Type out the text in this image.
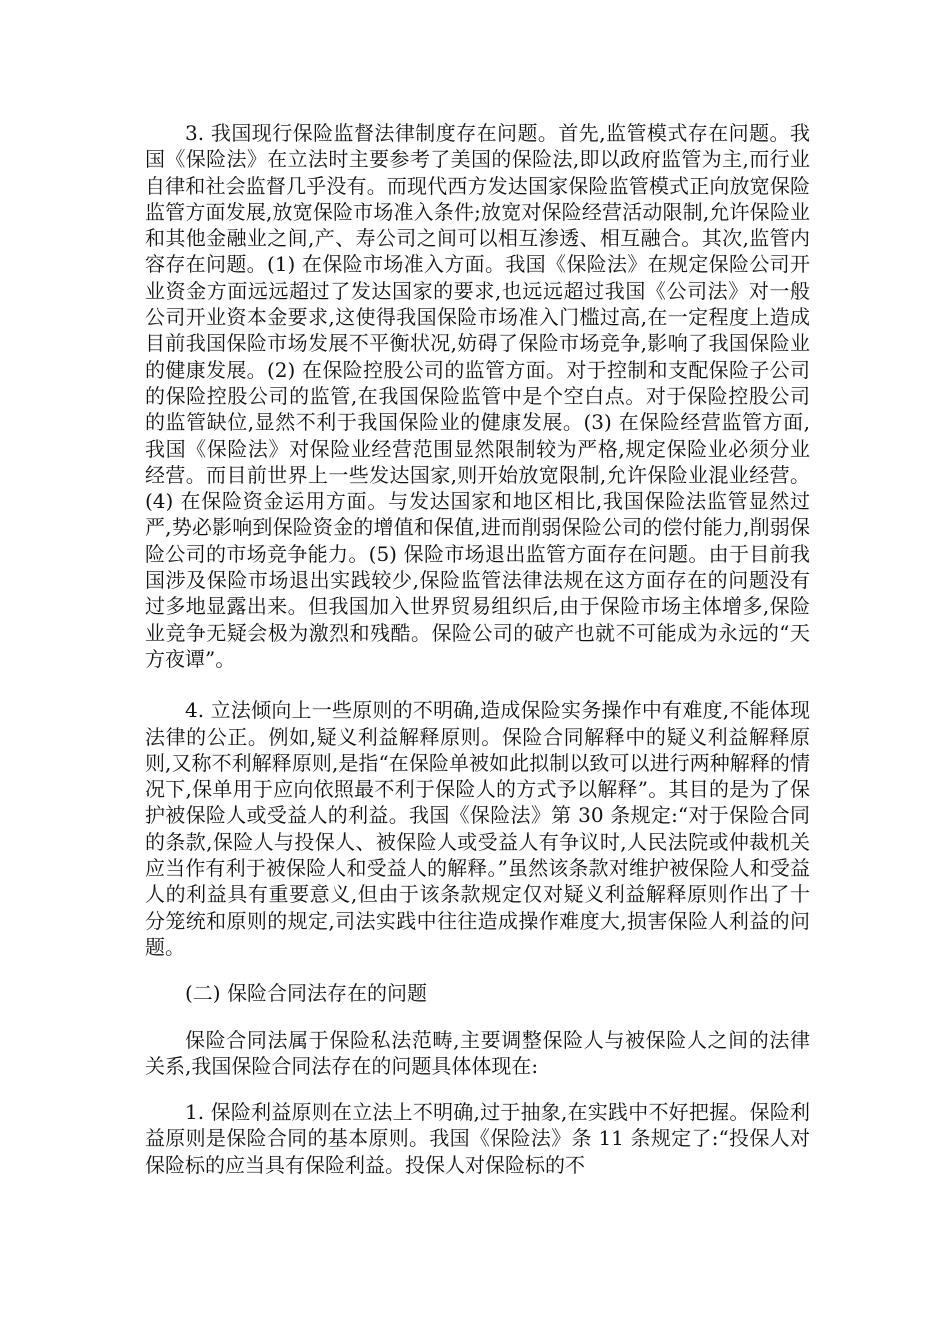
3. 我国现行保险监督法律制度存在问题。首先,监管模式存在问题。我国《保险法》在立法时主要参考了美国的保险法,即以政府监管为主,而行业自律和社会监督几乎没有。而现代西方发达国家保险监管模式正向放宽保险监管方面发展,放宽保险市场准入条件;放宽对保险经营活动限制,允许保险业和其他金融业之间,产、寿公司之间可以相互渗透、相互融合。其次,监管内容存在问题。(1) 在保险市场准入方面。我国《保险法》在规定保险公司开业资金方面远远超过了发达国家的要求,也远远超过我国《公司法》对一般公司开业资本金要求,这使得我国保险市场准入门槛过高,在一定程度上造成目前我国保险市场发展不平衡状况,妨碍了保险市场竞争,影响了我国保险业的健康发展。(2) 在保险控股公司的监管方面。对于控制和支配保险子公司的保险控股公司的监管,在我国保险监管中是个空白点。对于保险控股公司的监管缺位,显然不利于我国保险业的健康发展。(3) 在保险经营监管方面,我国《保险法》对保险业经营范围显然限制较为严格,规定保险业必须分业经营。而目前世界上一些发达国家,则开始放宽限制,允许保险业混业经营。(4) 在保险资金运用方面。与发达国家和地区相比,我国保险法监管显然过严,势必影响到保险资金的增值和保值,进而削弱保险公司的偿付能力,削弱保险公司的市场竞争能力。(5) 保险市场退出监管方面存在问题。由于目前我国涉及保险市场退出实践较少,保险监管法律法规在这方面存在的问题没有过多地显露出来。但我国加入世界贸易组织后,由于保险市场主体增多,保险业竞争无疑会极为激烈和残酷。保险公司的破产也就不可能成为永远的“天方夜谭”。

4. 立法倾向上一些原则的不明确,造成保险实务操作中有难度,不能体现法律的公正。例如,疑义利益解释原则。保险合同解释中的疑义利益解释原则,又称不利解释原则,是指“在保险单被如此拟制以致可以进行两种解释的情况下,保单用于应向依照最不利于保险人的方式予以解释”。其目的是为了保护被保险人或受益人的利益。我国《保险法》第 30 条规定:“对于保险合同的条款,保险人与投保人、被保险人或受益人有争议时,人民法院或仲裁机关应当作有利于被保险人和受益人的解释。”虽然该条款对维护被保险人和受益人的利益具有重要意义,但由于该条款规定仅对疑义利益解释原则作出了十分笼统和原则的规定,司法实践中往往造成操作难度大,损害保险人利益的问题。

(二) 保险合同法存在的问题

保险合同法属于保险私法范畴,主要调整保险人与被保险人之间的法律关系,我国保险合同法存在的问题具体体现在:

1. 保险利益原则在立法上不明确,过于抽象,在实践中不好把握。保险利益原则是保险合同的基本原则。我国《保险法》条 11 条规定了:“投保人对保险标的应当具有保险利益。投保人对保险标的不
